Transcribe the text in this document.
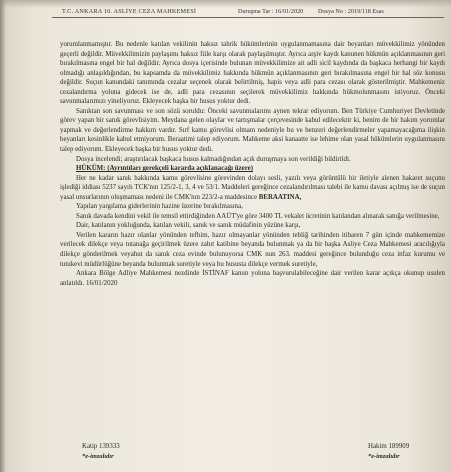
T.C. ANKARA 10. ASLİYE CEZA MAHKEMESİ	Duruşma Tar : 16/01/2020 Dosya No : 2019/118 Esas

yorumlanmamıştır. Bu nedenle katılan vekilinin haksız tahrik hükümlerinin uygulanmamasına dair beyanları müvekkilimiz yönünden geçerli değildir. Müvekkilimizin paylaşımı haksız fiile karşı olarak paylaşılmıştır. Ayrıca arşiv kaydı kanunen hükmün açıklanmasının geri bırakılmasına engel bir hal değildir. Ayrıca dosya içerisinde bulunan müvekkilimize ait adli sicil kaydında da başkaca herhangi bir kaydı olmadığı anlaşıldığından, bu kapsamda da müvekkilimiz hakkında hükmün açıklanmasının geri bırakılmasına engel bir hal söz konusu değildir. Suçun kanundaki tanımında cezalar seçenek olarak belirtilmiş, hapis veya adli para cezası olarak gösterilmiştir. Mahkemeniz cezalandırma yoluna gidecek ise de, adli para cezasının seçilerek müvekkilimiz hakkında hükmolunmasını istiyoruz. Önceki savunmalarımızı yineliyoruz. Ekleyecek başka bir husus yoktur dedi.

Sanıktan son savunması ve son sözü soruldu: Önceki savunmalarımı aynen tekrar ediyorum. Ben Türkiye Cumhuriyet Devletinde görev yapan bir sanık görevlisiyim. Meydana gelen olaylar ve tartışmalar çerçevesinde kabul edilecektir ki, benim de bir hakım yorumlar yapmak ve değerlendirme hakkım vardır. Sırf kamu görevlisi olmam nedeniyle bu ve benzeri değerlendirmeler yapamayacağıma ilişkin beyanları kesinlikle kabul etmiyorum. Beraatimi talep ediyorum. Mahkeme aksi kanaatte ise lehime olan yasal hükümlerin uygulanmasını talep ediyorum. Ekleyecek başka bir husus yoktur dedi.

Dosya incelendi; araştırılacak başkaca husus kalmadığından açık duruşmaya son verildiği bildirildi.

HÜKÜM: (Ayrıntıları gerekçeli kararda açıklanacağı üzere)

Her ne kadar sanık hakkında kamu görevlisine görevinden dolayı sesli, yazılı veya görüntülü bir iletiyle alenen hakaret suçunu işlediği iddiası 5237 sayılı TCK'nın 125/2-1, 3, 4 ve 53/1. Maddeleri gereğince cezalandırılması talebi ile kamu davası açılmış ise de suçun yasal unsurlarının oluşmaması nedeni ile CMK'nın 223/2-a maddesince BERAATINA,

Yapılan yargılama giderlerinin hazine üzerine bırakılmasına,

Sanık davada kendini vekil ile temsil ettirdiğinden AAÜT'ye göre 3400 TL vekalet ücretinin katılandan alınarak sanığa verilmesine,

Dair, katılanın yokluğunda, katılan vekili, sanık ve sanık müdafinin yüzüne karşı,

Verilen kararın hazır olanlar yönünden tefhim, hazır olmayanlar yönünden tebliğ tarihinden itibaren 7 gün içinde mahkememize verilecek dilekçe veya tutanağa geçirilmek üzere zabıt katibine beyanda bulunmak ya da bir başka Asliye Ceza Mahkemesi aracılığıyla dilekçe gönderilmek veyahut da sanık ceza evinde bulunuyorsa CMK nun 263. maddesi gereğince bulunduğu ceza infaz kurumu ve tutukevi müdürlüğüne beyanda bulunmak suretiyle veya bu hususta dilekçe vermek suretiyle,

Ankara Bölge Adliye Mahkemesi nezdinde İSTİNAF kanun yoluna başvurulabileceğine dair verilen karar açıkça okunup usulen anlatıldı. 16/01/2020

Katip 139333
*e-imzalıdır
Hakim 189909
*e-imzalıdır
